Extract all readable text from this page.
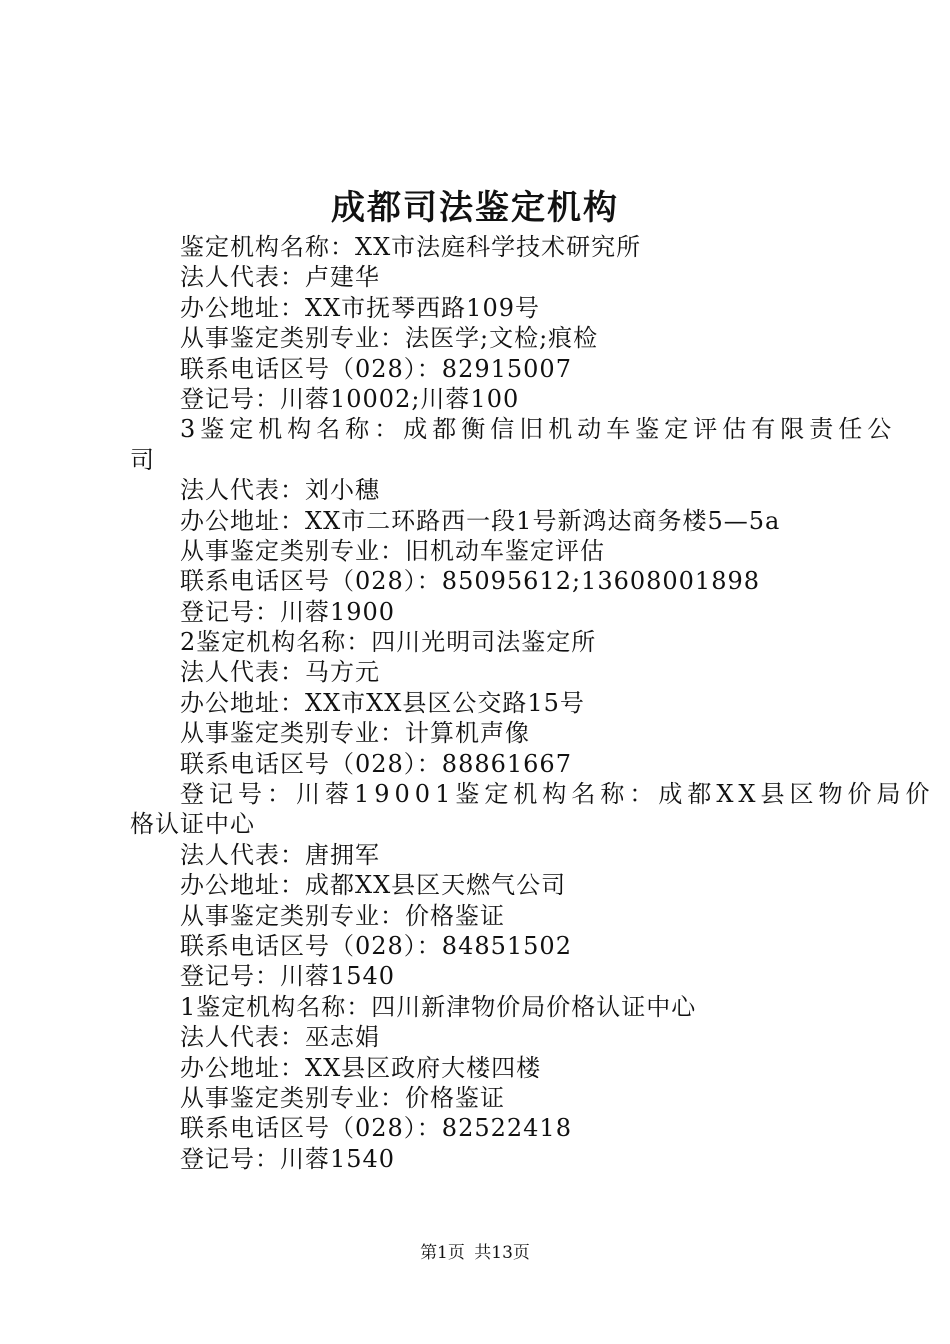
成都司法鉴定机构
鉴定机构名称：XX市法庭科学技术研究所
法人代表：卢建华
办公地址：XX市抚琴西路109号
从事鉴定类别专业：法医学;文检;痕检
联系电话区号（028）：82915007
登记号：川蓉10002;川蓉100
3鉴定机构名称：成都衡信旧机动车鉴定评估有限责任公
司
法人代表：刘小穗
办公地址：XX市二环路西一段1号新鸿达商务楼5—5a
从事鉴定类别专业：旧机动车鉴定评估
联系电话区号（028）：85095612;13608001898
登记号：川蓉1900
2鉴定机构名称：四川光明司法鉴定所
法人代表：马方元
办公地址：XX市XX县区公交路15号
从事鉴定类别专业：计算机声像
联系电话区号（028）：88861667
登记号：川蓉19001鉴定机构名称：成都XX县区物价局价
格认证中心
法人代表：唐拥军
办公地址：成都XX县区天燃气公司
从事鉴定类别专业：价格鉴证
联系电话区号（028）：84851502
登记号：川蓉1540
1鉴定机构名称：四川新津物价局价格认证中心
法人代表：巫志娟
办公地址：XX县区政府大楼四楼
从事鉴定类别专业：价格鉴证
联系电话区号（028）：82522418
登记号：川蓉1540
第1页 共13页
